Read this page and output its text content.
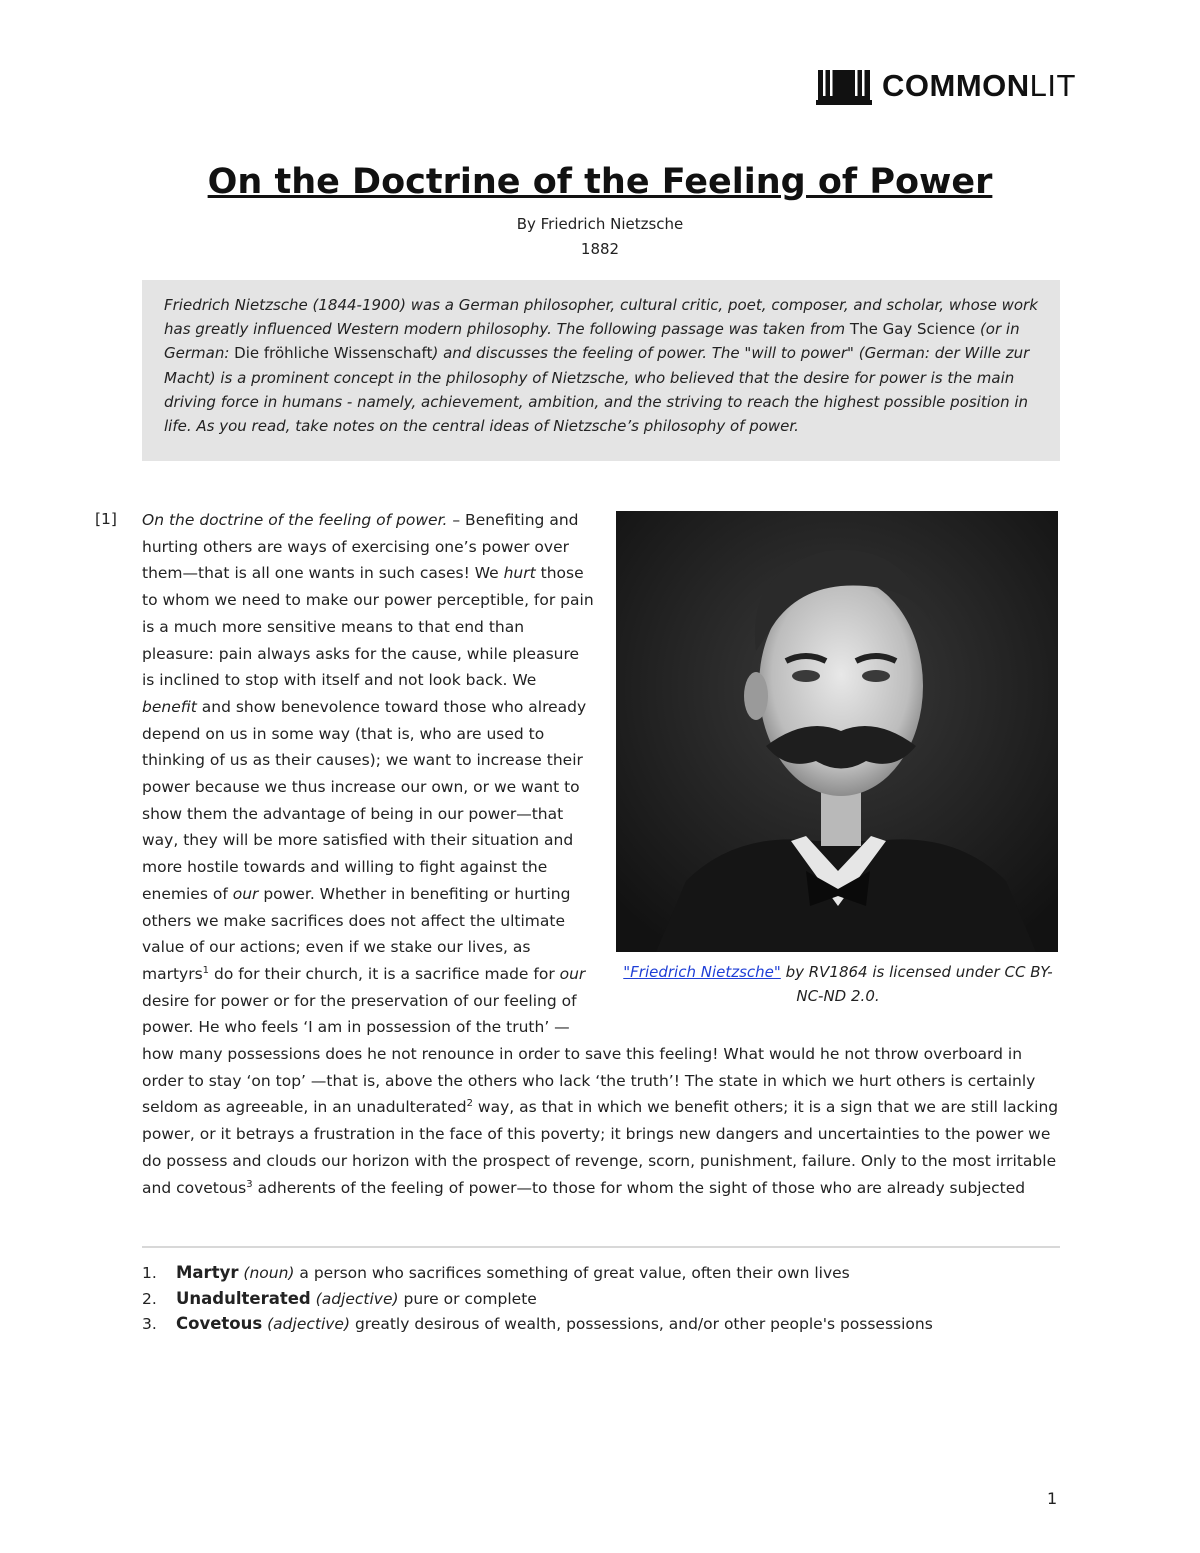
COMMONLIT
On the Doctrine of the Feeling of Power
By Friedrich Nietzsche
1882
Friedrich Nietzsche (1844-1900) was a German philosopher, cultural critic, poet, composer, and scholar, whose work has greatly influenced Western modern philosophy. The following passage was taken from The Gay Science (or in German: Die fröhliche Wissenschaft) and discusses the feeling of power. The "will to power" (German: der Wille zur Macht) is a prominent concept in the philosophy of Nietzsche, who believed that the desire for power is the main driving force in humans - namely, achievement, ambition, and the striving to reach the highest possible position in life. As you read, take notes on the central ideas of Nietzsche’s philosophy of power.
[1]
"Friedrich Nietzsche" by RV1864 is licensed under CC BY-NC-ND 2.0.
On the doctrine of the feeling of power. – Benefiting and hurting others are ways of exercising one’s power over them—that is all one wants in such cases! We hurt those to whom we need to make our power perceptible, for pain is a much more sensitive means to that end than pleasure: pain always asks for the cause, while pleasure is inclined to stop with itself and not look back. We benefit and show benevolence toward those who already depend on us in some way (that is, who are used to thinking of us as their causes); we want to increase their power because we thus increase our own, or we want to show them the advantage of being in our power—that way, they will be more satisfied with their situation and more hostile towards and willing to fight against the enemies of our power. Whether in benefiting or hurting others we make sacrifices does not affect the ultimate value of our actions; even if we stake our lives, as martyrs$^1$ do for their church, it is a sacrifice made for our desire for power or for the preservation of our feeling of power. He who feels ‘I am in possession of the truth’ —how many possessions does he not renounce in order to save this feeling! What would he not throw overboard in order to stay ‘on top’ —that is, above the others who lack ‘the truth’! The state in which we hurt others is certainly seldom as agreeable, in an unadulterated$^2$ way, as that in which we benefit others; it is a sign that we are still lacking power, or it betrays a frustration in the face of this poverty; it brings new dangers and uncertainties to the power we do possess and clouds our horizon with the prospect of revenge, scorn, punishment, failure. Only to the most irritable and covetous$^3$ adherents of the feeling of power—to those for whom the sight of those who are already subjected
1. Martyr (noun) a person who sacrifices something of great value, often their own lives
2. Unadulterated (adjective) pure or complete
3. Covetous (adjective) greatly desirous of wealth, possessions, and/or other people's possessions
1
